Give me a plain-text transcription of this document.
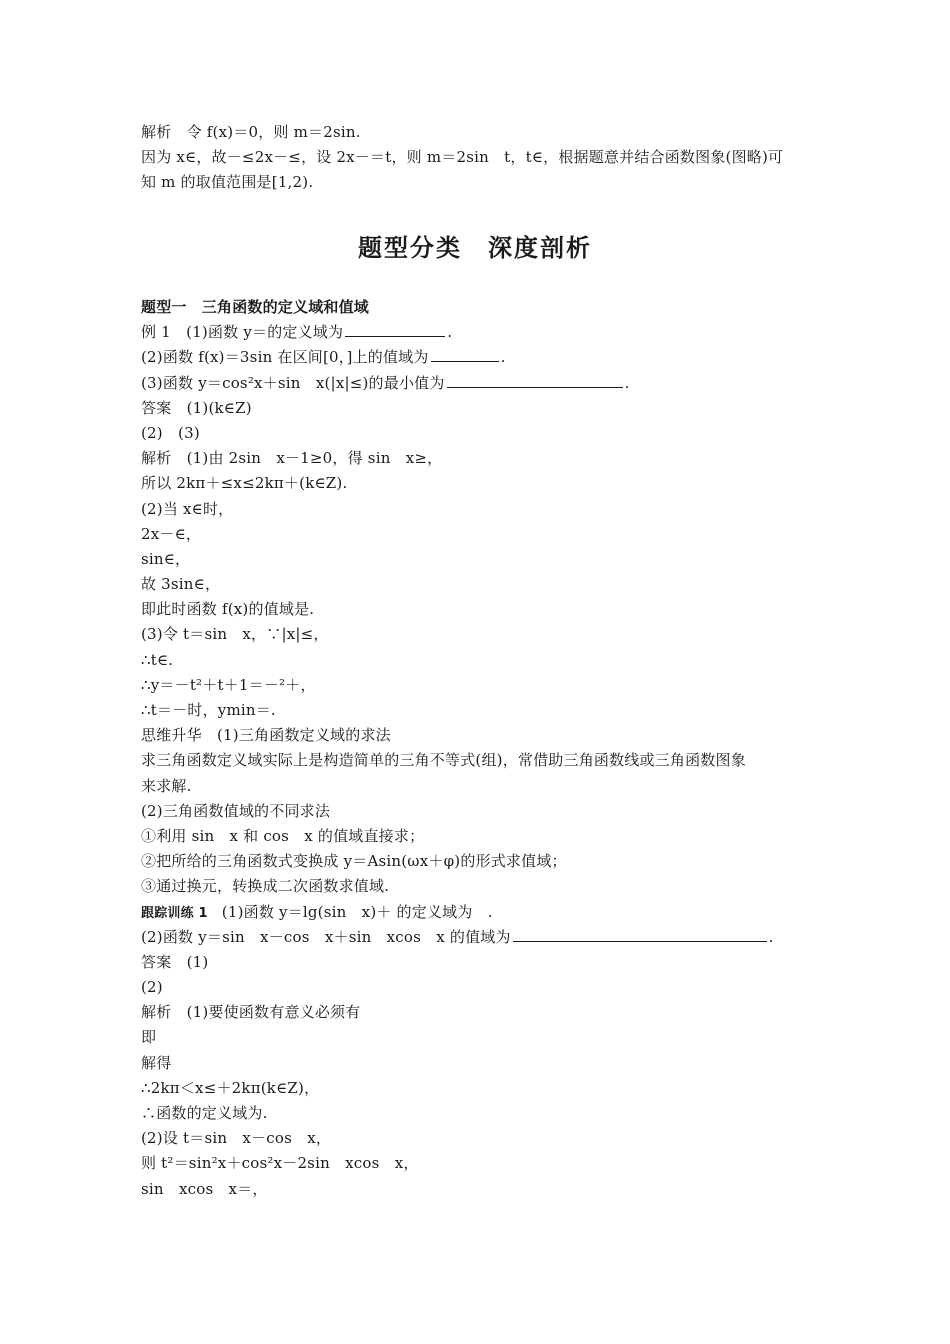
解析　令 f(x)＝0，则 m＝2sin.
因为 x∈，故－≤2x－≤，设 2x－＝t，则 m＝2sin　t，t∈，根据题意并结合函数图象(图略)可
知 m 的取值范围是[1,2).
题型分类　深度剖析
题型一　三角函数的定义域和值域
例 1　(1)函数 y＝的定义域为	.
(2)函数 f(x)＝3sin 在区间[0，]上的值域为	.
(3)函数 y＝cos²x＋sin　x(|x|≤)的最小值为	.
答案　(1)(k∈Z)
(2)　(3)
解析　(1)由 2sin　x－1≥0，得 sin　x≥，
所以 2kπ＋≤x≤2kπ＋(k∈Z).
(2)当 x∈时，
2x－∈，
sin∈，
故 3sin∈，
即此时函数 f(x)的值域是.
(3)令 t＝sin　x，∵|x|≤，
∴t∈.
∴y＝－t²＋t＋1＝－²＋，
∴t＝－时，ymin＝.
思维升华　(1)三角函数定义域的求法
求三角函数定义域实际上是构造简单的三角不等式(组)，常借助三角函数线或三角函数图象
来求解.
(2)三角函数值域的不同求法
①利用 sin　x 和 cos　x 的值域直接求；
②把所给的三角函数式变换成 y＝Asin(ωx＋φ)的形式求值域；
③通过换元，转换成二次函数求值域.
跟踪训练 1 (1)函数 y＝lg(sin　x)＋ 的定义域为　.
(2)函数 y＝sin　x－cos　x＋sin　xcos　x 的值域为	.
答案　(1)
(2)
解析　(1)要使函数有意义必须有
即
解得
∴2kπ＜x≤＋2kπ(k∈Z)，
∴函数的定义域为.
(2)设 t＝sin　x－cos　x，
则 t²＝sin²x＋cos²x－2sin　xcos　x，
sin　xcos　x＝，
